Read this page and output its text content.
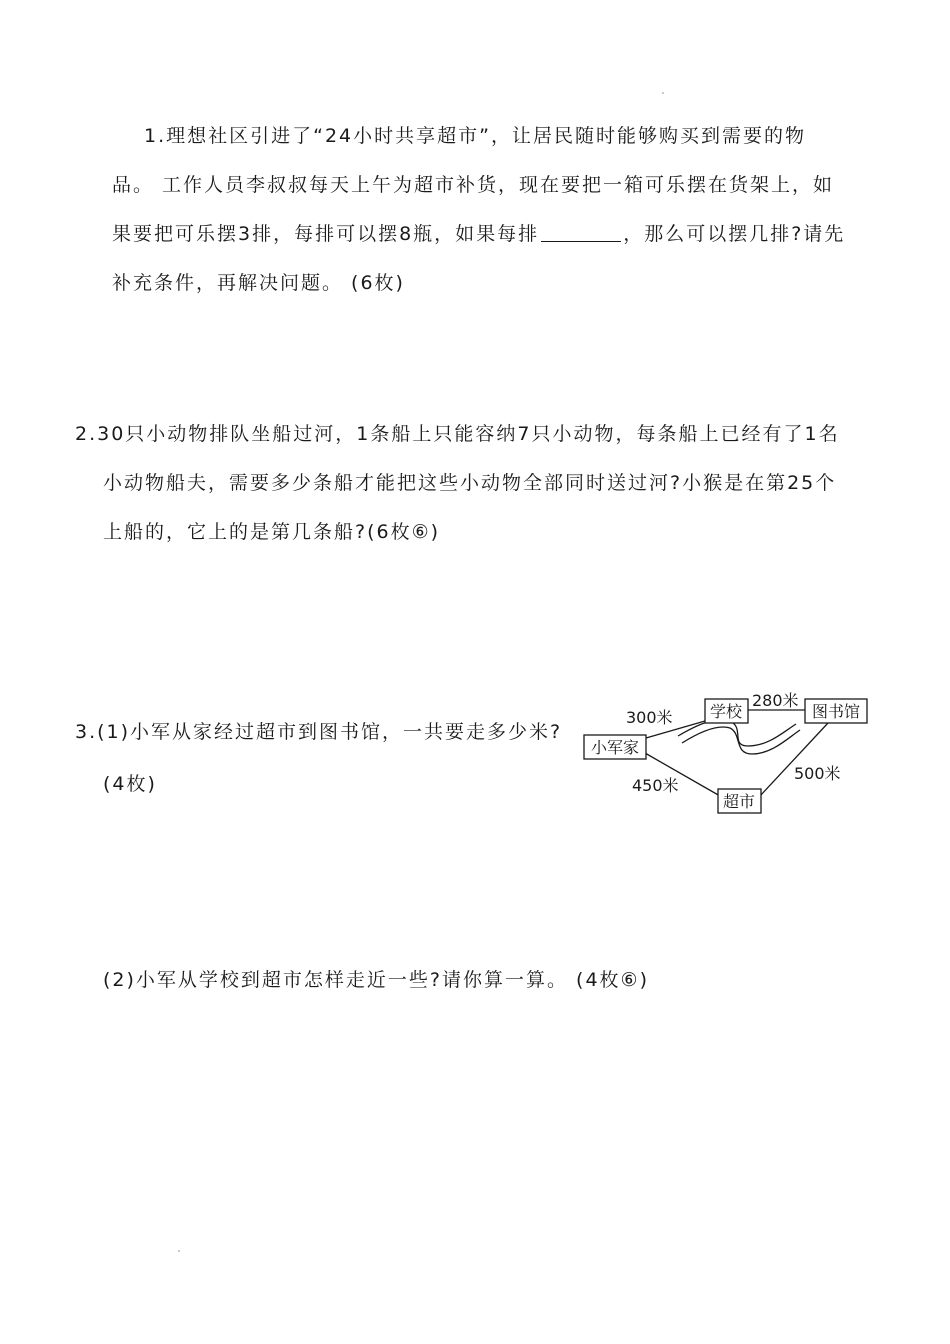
1.理想社区引进了“24小时共享超市”，让居民随时能够购买到需要的物
品。 工作人员李叔叔每天上午为超市补货，现在要把一箱可乐摆在货架上，如
果要把可乐摆3排，每排可以摆8瓶，如果每排	，那么可以摆几排?请先
补充条件，再解决问题。 (6枚)
2.30只小动物排队坐船过河，1条船上只能容纳7只小动物，每条船上已经有了1名
小动物船夫，需要多少条船才能把这些小动物全部同时送过河?小猴是在第25个
上船的，它上的是第几条船?(6枚⑥)
3.(1)小军从家经过超市到图书馆，一共要走多少米?
(4枚)
小军家
学校	图书馆
超市
300米
280米
450米
500米
(2)小军从学校到超市怎样走近一些?请你算一算。 (4枚⑥)
